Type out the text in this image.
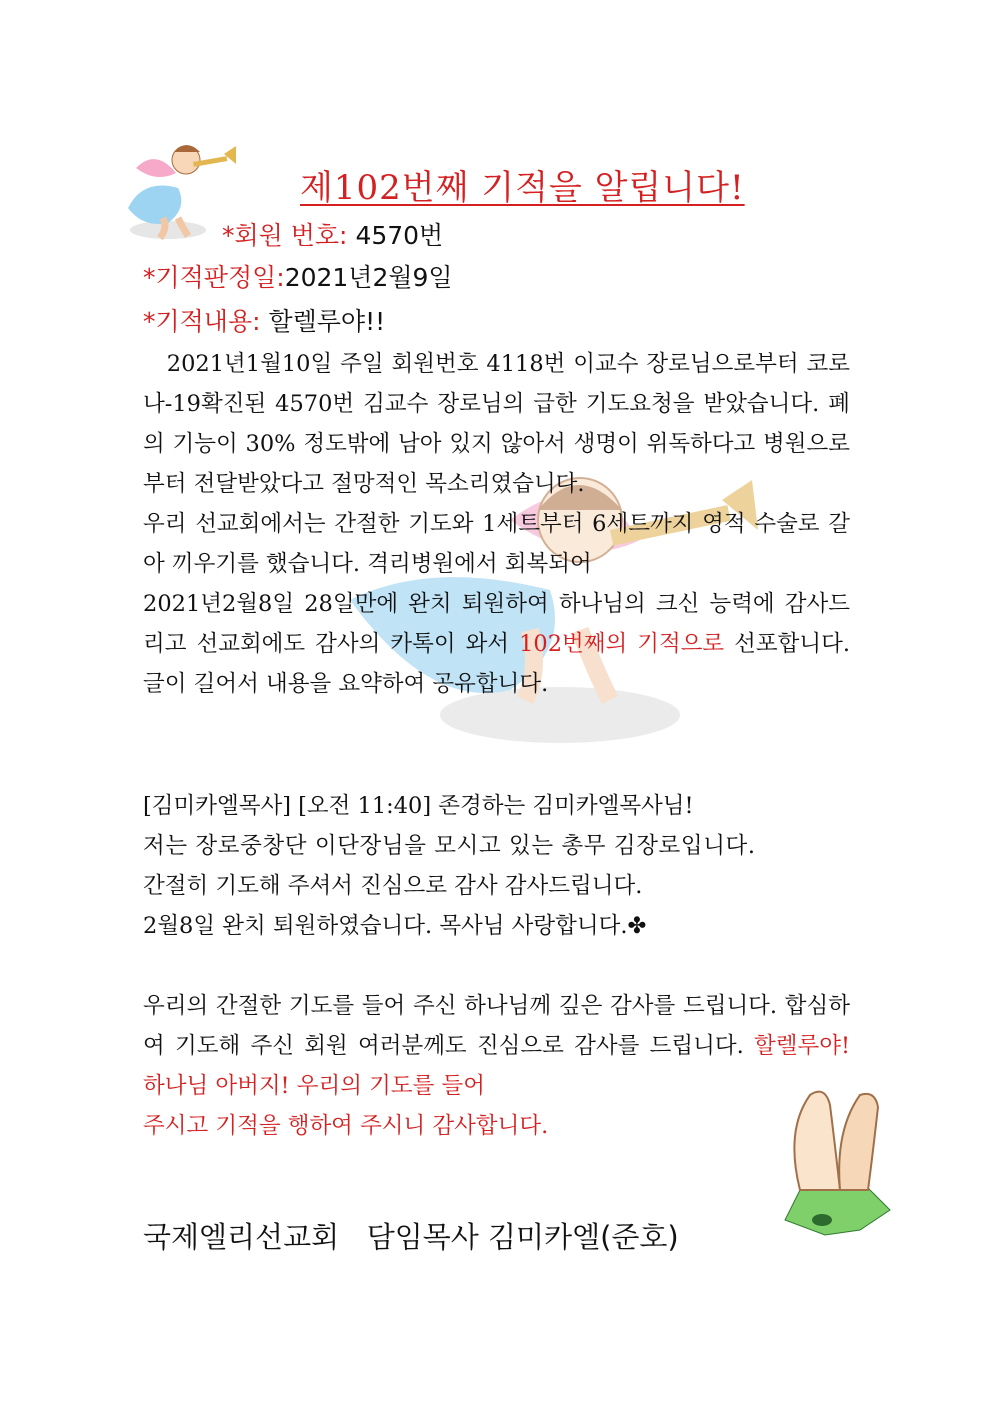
제102번째 기적을 알립니다!
*회원 번호: 4570번
*기적판정일:2021년2월9일
*기적내용: 할렐루야!!

2021년1월10일 주일 회원번호 4118번 이교수 장로님으로부터 코로나-19확진된 4570번 김교수 장로님의 급한 기도요청을 받았습니다. 폐의 기능이 30% 정도밖에 남아 있지 않아서 생명이 위독하다고 병원으로부터 전달받았다고 절망적인 목소리였습니다.

우리 선교회에서는 간절한 기도와 1세트부터 6세트까지 영적 수술로 갈아 끼우기를 했습니다. 격리병원에서 회복되어

2021년2월8일 28일만에 완치 퇴원하여 하나님의 크신 능력에 감사드리고 선교회에도 감사의 카톡이 와서 102번째의 기적으로 선포합니다. 글이 길어서 내용을 요약하여 공유합니다.

[김미카엘목사] [오전 11:40] 존경하는 김미카엘목사님!
저는 장로중창단 이단장님을 모시고 있는 총무 김장로입니다.
간절히 기도해 주셔서 진심으로 감사 감사드립니다.
2월8일 완치 퇴원하였습니다. 목사님 사랑합니다.✤

우리의 간절한 기도를 들어 주신 하나님께 깊은 감사를 드립니다. 합심하여 기도해 주신 회원 여러분께도 진심으로 감사를 드립니다. 할렐루야! 하나님 아버지! 우리의 기도를 들어

주시고 기적을 행하여 주시니 감사합니다.
국제엘리선교회   담임목사 김미카엘(준호)
